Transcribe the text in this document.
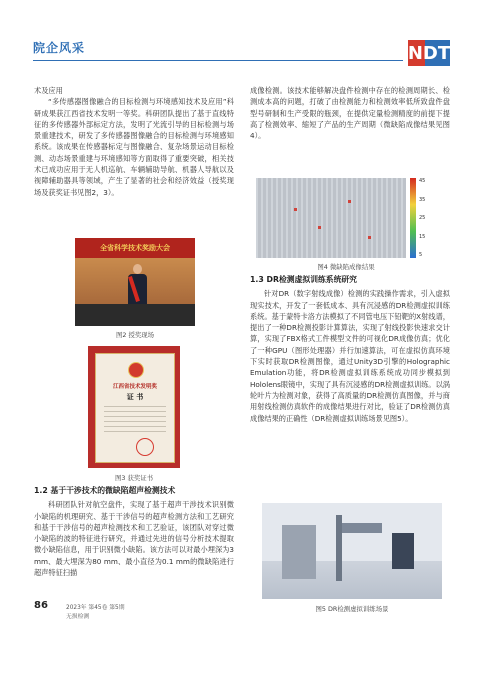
院企风采	NDT

术及应用

“多传感器图像融合的目标检测与环境感知技术及应用”科研成果获江西省技术发明一等奖。科研团队提出了基于直线特征的多传感器外部标定方法，发明了光流引导的目标检测与场景重建技术，研发了多传感器图像融合的目标检测与环境感知系统。该成果在传感器标定与图像融合、复杂场景运动目标检测、动态场景重建与环境感知等方面取得了重要突破，相关技术已成功应用于无人机巡航、车辆辅助导航、机器人导航以及视障辅助器具等领域，产生了显著的社会和经济效益（授奖现场及获奖证书见图2，3）。

全省科学技术奖励大会
图2 授奖现场
江西省技术发明奖
证 书
图3 获奖证书
1.2 基于干涉技术的微缺陷超声检测技术

科研团队针对航空盘件，实现了基于超声干涉技术识别微小缺陷的机理研究、基于干涉信号的超声检测方法和工艺研究和基于干涉信号的超声检测技术和工艺验证，该团队对穿过微小缺陷的波的特征进行研究，并通过先进的信号分析技术提取微小缺陷信息，用于识别微小缺陷。该方法可以对最小埋深为3 mm、最大埋深为80 mm、最小直径为0.1 mm的微缺陷进行超声特征扫描

成像检测。该技术能够解决盘件检测中存在的检测周期长、检测成本高的问题，打破了由检测能力和检测效率低所致盘件盘型号研制和生产受限的瓶颈，在提供定量检测精度的前提下提高了检测效率、缩短了产品的生产周期（微缺陷成像结果见图4）。

45
35
25
15
5
图4 微缺陷成像结果
1.3 DR检测虚拟训练系统研究

针对DR（数字射线成像）检测的实践操作需求，引入虚拟现实技术，开发了一套低成本、具有沉浸感的DR检测虚拟训练系统。基于蒙特卡洛方法模拟了不同管电压下铅靶的X射线谱，提出了一种DR检测投影计算算法，实现了射线投影快速求交计算，实现了FBX格式工件模型文件的可视化DR成像仿真；优化了一种GPU（图形处理器）并行加速算法，可在虚拟仿真环境下实时获取DR检测图像，通过Unity3D引擎的Holographic Emulation功能，将DR检测虚拟训练系统成功同步模拟到Hololens眼镜中，实现了具有沉浸感的DR检测虚拟训练。以涡轮叶片为检测对象，获得了高质量的DR检测仿真图像，并与商用射线检测仿真软件的成像结果进行对比，验证了DR检测仿真成像结果的正确性（DR检测虚拟训练场景见图5）。

图5 DR检测虚拟训练场景
86	2023年 第45卷 第5期
无损检测
